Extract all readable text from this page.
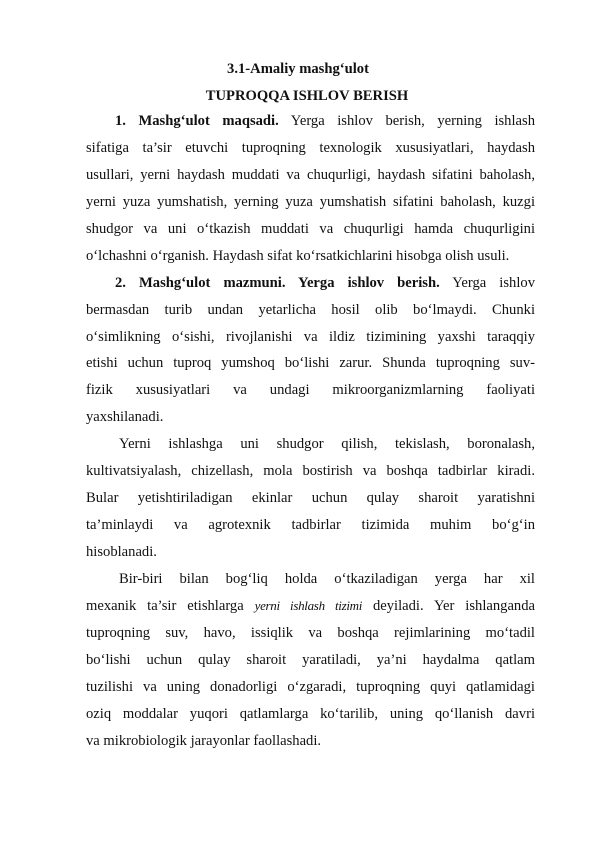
3.1-Amaliy mashg‘ulot
TUPROQQA ISHLOV BERISH
1. Mashg‘ulot maqsadi. Yerga ishlov berish, yerning ishlash
sifatiga ta’sir etuvchi tuproqning texnologik xususiyatlari, haydash
usullari, yerni haydash muddati va chuqurligi, haydash sifatini baholash,
yerni yuza yumshatish, yerning yuza yumshatish sifatini baholash, kuzgi
shudgor va uni o‘tkazish muddati va chuqurligi hamda chuqurligini
o‘lchashni o‘rganish. Haydash sifat ko‘rsatkichlarini hisobga olish usuli.
2. Mashg‘ulot mazmuni. Yerga ishlov berish. Yerga ishlov
bermasdan turib undan yetarlicha hosil olib bo‘lmaydi. Chunki
o‘simlikning o‘sishi, rivojlanishi va ildiz tizimining yaxshi taraqqiy
etishi uchun tuproq yumshoq bo‘lishi zarur. Shunda tuproqning suv-
fizik xususiyatlari va undagi mikroorganizmlarning faoliyati
yaxshilanadi.
Yerni ishlashga uni shudgor qilish, tekislash, boronalash,
kultivatsiyalash, chizellash, mola bostirish va boshqa tadbirlar kiradi.
Bular yetishtiriladigan ekinlar uchun qulay sharoit yaratishni
ta’minlaydi va agrotexnik tadbirlar tizimida muhim bo‘g‘in
hisoblanadi.
Bir-biri bilan bog‘liq holda o‘tkaziladigan yerga har xil
mexanik ta’sir etishlarga yerni ishlash tizimi deyiladi. Yer ishlanganda
tuproqning suv, havo, issiqlik va boshqa rejimlarining mo‘tadil
bo‘lishi uchun qulay sharoit yaratiladi, ya’ni haydalma qatlam
tuzilishi va uning donadorligi o‘zgaradi, tuproqning quyi qatlamidagi
oziq moddalar yuqori qatlamlarga ko‘tarilib, uning qo‘llanish davri
va mikrobiologik jarayonlar faollashadi.
